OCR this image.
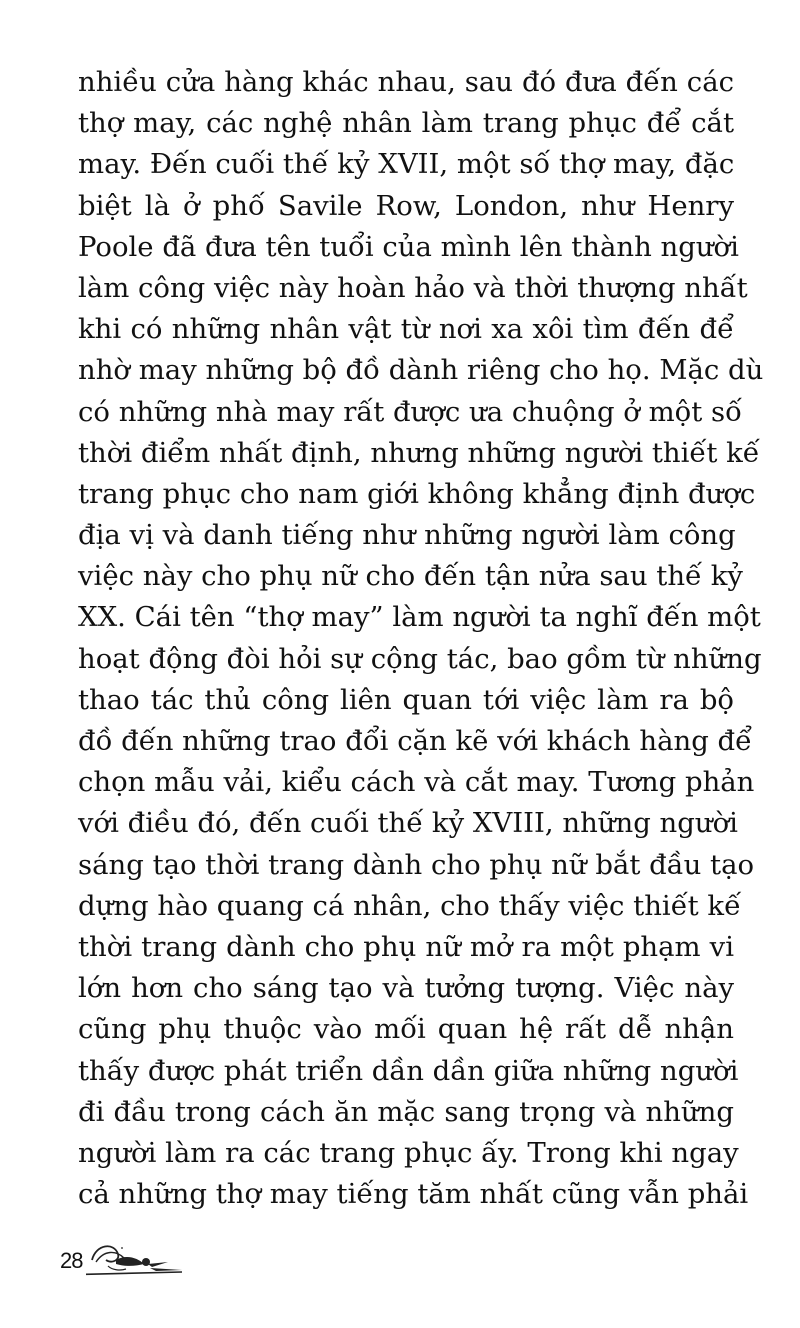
nhiều cửa hàng khác nhau, sau đó đưa đến các
thợ may, các nghệ nhân làm trang phục để cắt
may. Đến cuối thế kỷ XVII, một số thợ may, đặc
biệt là ở phố Savile Row, London, như Henry
Poole đã đưa tên tuổi của mình lên thành người
làm công việc này hoàn hảo và thời thượng nhất
khi có những nhân vật từ nơi xa xôi tìm đến để
nhờ may những bộ đồ dành riêng cho họ. Mặc dù
có những nhà may rất được ưa chuộng ở một số
thời điểm nhất định, nhưng những người thiết kế
trang phục cho nam giới không khẳng định được
địa vị và danh tiếng như những người làm công
việc này cho phụ nữ cho đến tận nửa sau thế kỷ
XX. Cái tên “thợ may” làm người ta nghĩ đến một
hoạt động đòi hỏi sự cộng tác, bao gồm từ những
thao tác thủ công liên quan tới việc làm ra bộ
đồ đến những trao đổi cặn kẽ với khách hàng để
chọn mẫu vải, kiểu cách và cắt may. Tương phản
với điều đó, đến cuối thế kỷ XVIII, những người
sáng tạo thời trang dành cho phụ nữ bắt đầu tạo
dựng hào quang cá nhân, cho thấy việc thiết kế
thời trang dành cho phụ nữ mở ra một phạm vi
lớn hơn cho sáng tạo và tưởng tượng. Việc này
cũng phụ thuộc vào mối quan hệ rất dễ nhận
thấy được phát triển dần dần giữa những người
đi đầu trong cách ăn mặc sang trọng và những
người làm ra các trang phục ấy. Trong khi ngay
cả những thợ may tiếng tăm nhất cũng vẫn phải
28
